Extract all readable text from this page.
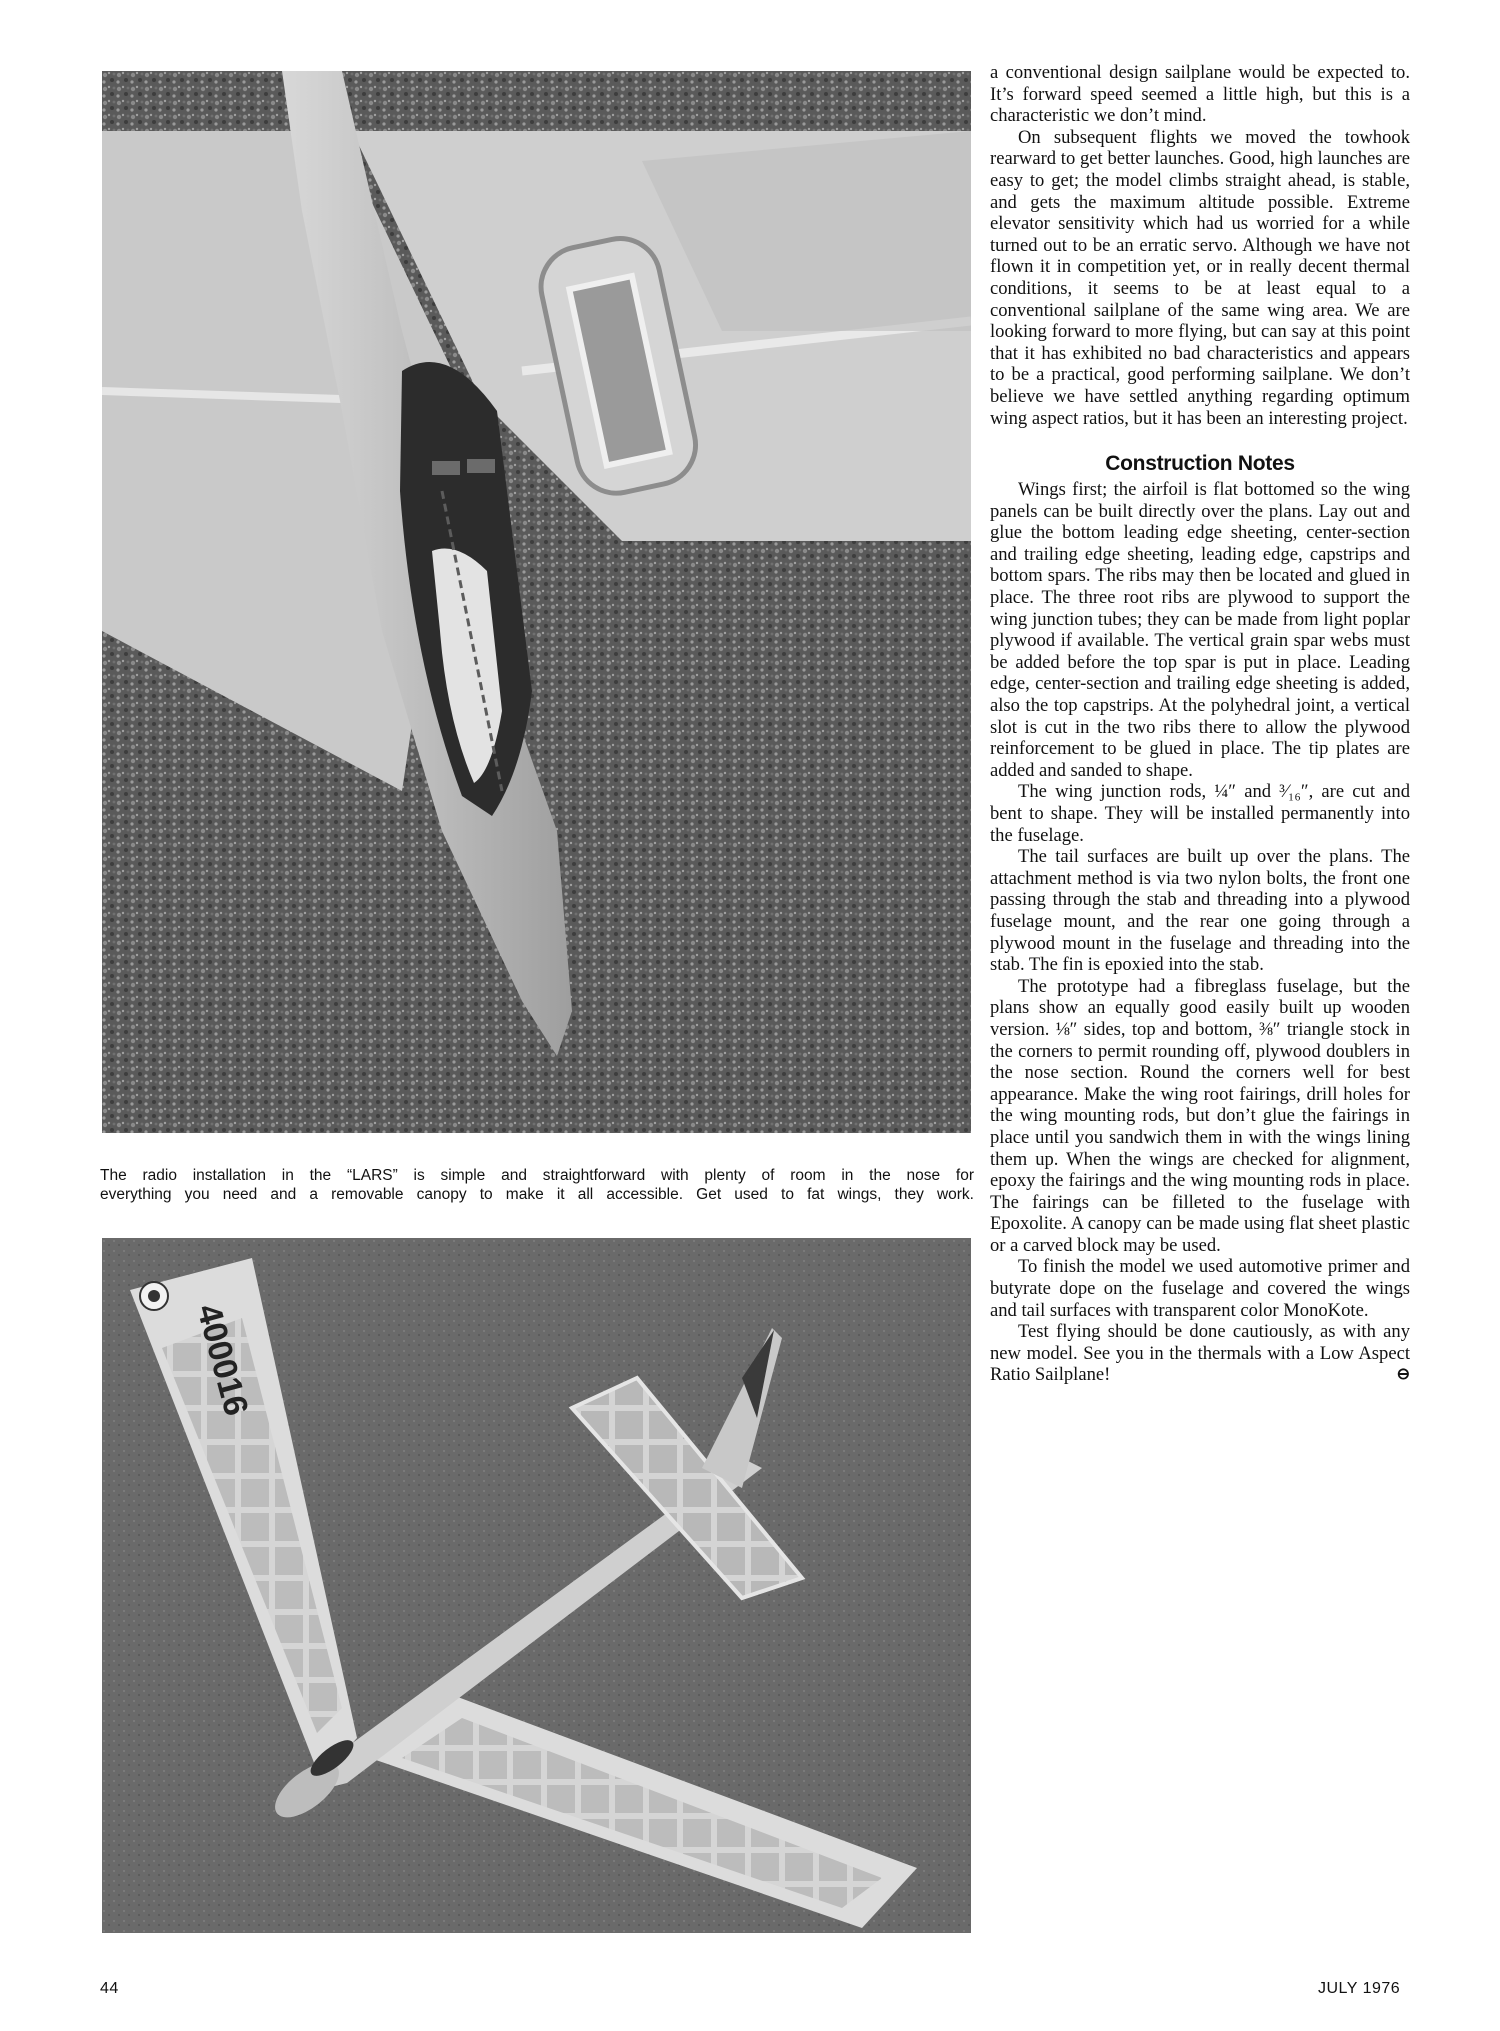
The radio installation in the “LARS” is simple and straightforward with plenty of room in the nose for
everything you need and a removable canopy to make it all accessible. Get used to fat wings, they work.
400016

a conventional design sailplane would be expected to. It’s forward speed seemed a little high, but this is a characteristic we don’t mind.

On subsequent flights we moved the towhook rearward to get better launches. Good, high launches are easy to get; the model climbs straight ahead, is stable, and gets the maximum altitude possible. Extreme elevator sensitivity which had us worried for a while turned out to be an erratic servo. Although we have not flown it in competition yet, or in really decent thermal conditions, it seems to be at least equal to a conventional sailplane of the same wing area. We are looking forward to more flying, but can say at this point that it has exhibited no bad characteristics and appears to be a practical, good performing sailplane. We don’t believe we have settled anything regarding optimum wing aspect ratios, but it has been an interesting project.

Construction Notes

Wings first; the airfoil is flat bottomed so the wing panels can be built directly over the plans. Lay out and glue the bottom leading edge sheeting, center-section and trailing edge sheeting, leading edge, capstrips and bottom spars. The ribs may then be located and glued in place. The three root ribs are plywood to support the wing junction tubes; they can be made from light poplar plywood if available. The vertical grain spar webs must be added before the top spar is put in place. Leading edge, center-section and trailing edge sheeting is added, also the top capstrips. At the polyhedral joint, a vertical slot is cut in the two ribs there to allow the plywood reinforcement to be glued in place. The tip plates are added and sanded to shape.

The wing junction rods, ¼″ and ³⁄₁₆″, are cut and bent to shape. They will be installed permanently into the fuselage.

The tail surfaces are built up over the plans. The attachment method is via two nylon bolts, the front one passing through the stab and threading into a plywood fuselage mount, and the rear one going through a plywood mount in the fuselage and threading into the stab. The fin is epoxied into the stab.

The prototype had a fibreglass fuselage, but the plans show an equally good easily built up wooden version. ⅛″ sides, top and bottom, ⅜″ triangle stock in the corners to permit rounding off, plywood doublers in the nose section. Round the corners well for best appearance. Make the wing root fairings, drill holes for the wing mounting rods, but don’t glue the fairings in place until you sandwich them in with the wings lining them up. When the wings are checked for alignment, epoxy the fairings and the wing mounting rods in place. The fairings can be filleted to the fuselage with Epoxolite. A canopy can be made using flat sheet plastic or a carved block may be used.

To finish the model we used automotive primer and butyrate dope on the fuselage and covered the wings and tail surfaces with transparent color MonoKote.

Test flying should be done cautiously, as with any new model. See you in the thermals with a Low Aspect Ratio Sailplane!	⊖

44	JULY 1976
